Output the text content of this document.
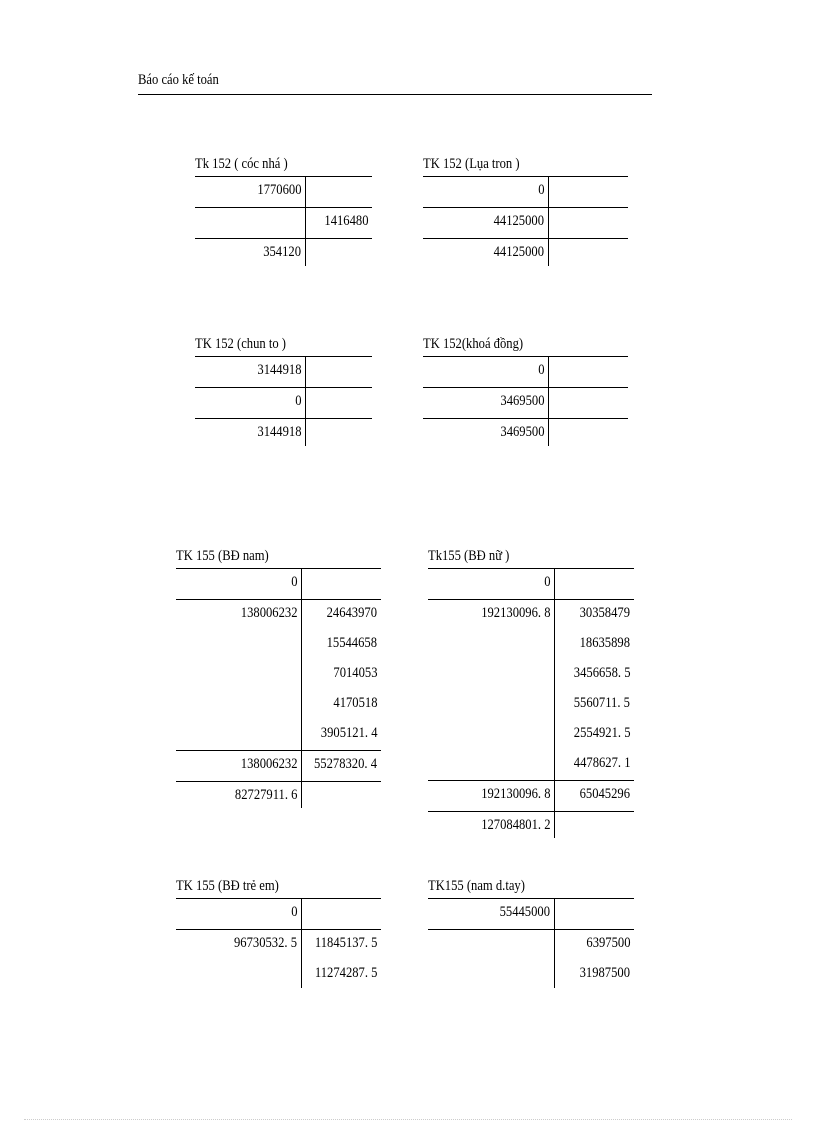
Báo cáo kế toán
Tk 152 ( cóc nhá )
1770600
1416480
354120
TK 152 (Lụa tron )
0
44125000
44125000
TK 152 (chun to )
3144918
0
3144918
TK 152(khoá đồng)
0
3469500
3469500
TK 155 (BĐ nam)
0
138006232 24643970
15544658
7014053
4170518
3905121. 4
138006232 55278320. 4
82727911. 6
Tk155 (BĐ nữ )
0
192130096. 8 30358479
18635898
3456658. 5
5560711. 5
2554921. 5
4478627. 1
192130096. 8 65045296
127084801. 2
TK 155 (BĐ trẻ em)
0
96730532. 5 11845137. 5
11274287. 5
TK155 (nam d.tay)
55445000
6397500
31987500
